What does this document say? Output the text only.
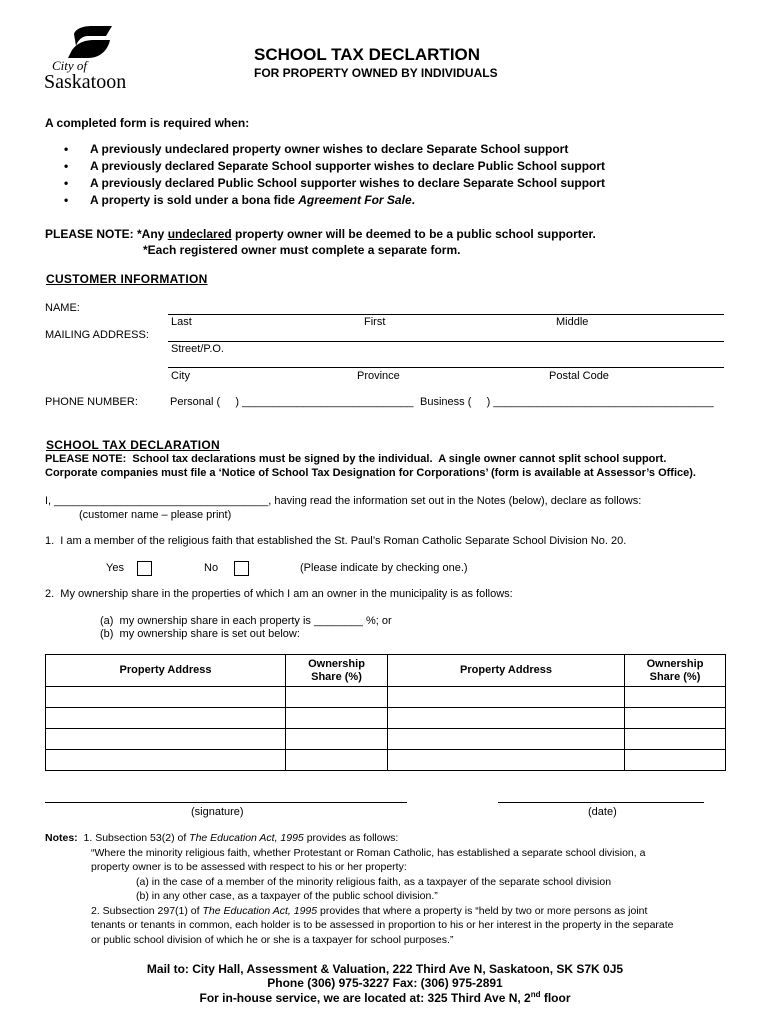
City of
Saskatoon
SCHOOL TAX DECLARTION
FOR PROPERTY OWNED BY INDIVIDUALS
A completed form is required when:
• A previously undeclared property owner wishes to declare Separate School support
• A previously declared Separate School supporter wishes to declare Public School support
• A previously declared Public School supporter wishes to declare Separate School support
• A property is sold under a bona fide Agreement For Sale.
PLEASE NOTE: *Any undeclared property owner will be deemed to be a public school supporter.
*Each registered owner must complete a separate form.
CUSTOMER INFORMATION
NAME:
Last	First	Middle
MAILING ADDRESS:
Street/P.O.
City	Province	Postal Code
PHONE NUMBER:	Personal (     ) ____________________________ Business (     ) ____________________________________
SCHOOL TAX DECLARATION
PLEASE NOTE:  School tax declarations must be signed by the individual.  A single owner cannot split school support.
Corporate companies must file a ‘Notice of School Tax Designation for Corporations’ (form is available at Assessor’s Office).
I, ___________________________________, having read the information set out in the Notes (below), declare as follows:
(customer name – please print)
1.  I am a member of the religious faith that established the St. Paul’s Roman Catholic Separate School Division No. 20.
Yes	No	(Please indicate by checking one.)
2.  My ownership share in the properties of which I am an owner in the municipality is as follows:
(a)  my ownership share in each property is ________ %; or
(b)  my ownership share is set out below:
Property Address	Ownership Share (%)	Property Address	Ownership Share (%)

(signature)	(date)
Notes: 1. Subsection 53(2) of The Education Act, 1995 provides as follows:
“Where the minority religious faith, whether Protestant or Roman Catholic, has established a separate school division, a
property owner is to be assessed with respect to his or her property:
(a) in the case of a member of the minority religious faith, as a taxpayer of the separate school division
(b) in any other case, as a taxpayer of the public school division.”
2. Subsection 297(1) of The Education Act, 1995 provides that where a property is “held by two or more persons as joint
tenants or tenants in common, each holder is to be assessed in proportion to his or her interest in the property in the separate
or public school division of which he or she is a taxpayer for school purposes.”
Mail to: City Hall, Assessment & Valuation, 222 Third Ave N, Saskatoon, SK S7K 0J5
Phone (306) 975-3227 Fax: (306) 975-2891
For in-house service, we are located at: 325 Third Ave N, 2nd floor
